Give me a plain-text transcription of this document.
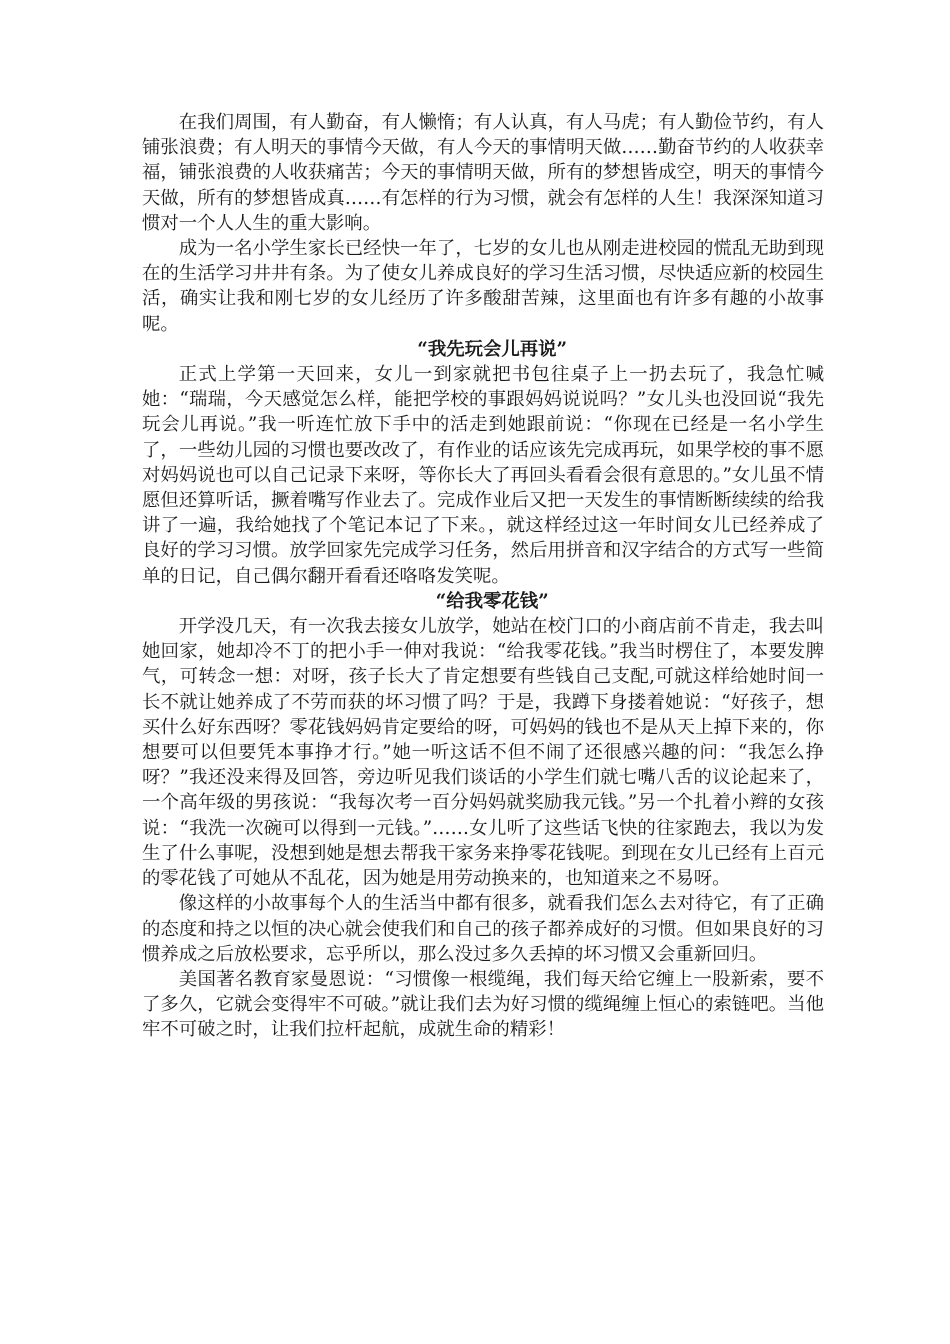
在我们周围，有人勤奋，有人懒惰；有人认真，有人马虎；有人勤俭节约，有人铺张浪费；有人明天的事情今天做，有人今天的事情明天做……勤奋节约的人收获幸福，铺张浪费的人收获痛苦；今天的事情明天做，所有的梦想皆成空，明天的事情今天做，所有的梦想皆成真……有怎样的行为习惯，就会有怎样的人生！我深深知道习惯对一个人人生的重大影响。

成为一名小学生家长已经快一年了，七岁的女儿也从刚走进校园的慌乱无助到现在的生活学习井井有条。为了使女儿养成良好的学习生活习惯，尽快适应新的校园生活，确实让我和刚七岁的女儿经历了许多酸甜苦辣，这里面也有许多有趣的小故事呢。

“我先玩会儿再说”

正式上学第一天回来，女儿一到家就把书包往桌子上一扔去玩了，我急忙喊她：“瑞瑞，今天感觉怎么样，能把学校的事跟妈妈说说吗？”女儿头也没回说“我先玩会儿再说。”我一听连忙放下手中的活走到她跟前说：“你现在已经是一名小学生了，一些幼儿园的习惯也要改改了，有作业的话应该先完成再玩，如果学校的事不愿对妈妈说也可以自己记录下来呀，等你长大了再回头看看会很有意思的。”女儿虽不情愿但还算听话，撅着嘴写作业去了。完成作业后又把一天发生的事情断断续续的给我讲了一遍，我给她找了个笔记本记了下来。，就这样经过这一年时间女儿已经养成了良好的学习习惯。放学回家先完成学习任务，然后用拼音和汉字结合的方式写一些简单的日记，自己偶尔翻开看看还咯咯发笑呢。

“给我零花钱”

开学没几天，有一次我去接女儿放学，她站在校门口的小商店前不肯走，我去叫她回家，她却冷不丁的把小手一伸对我说：“给我零花钱。”我当时楞住了，本要发脾气，可转念一想：对呀，孩子长大了肯定想要有些钱自己支配,可就这样给她时间一长不就让她养成了不劳而获的坏习惯了吗？于是，我蹲下身搂着她说：“好孩子，想买什么好东西呀？零花钱妈妈肯定要给的呀，可妈妈的钱也不是从天上掉下来的，你想要可以但要凭本事挣才行。”她一听这话不但不闹了还很感兴趣的问：“我怎么挣呀？”我还没来得及回答，旁边听见我们谈话的小学生们就七嘴八舌的议论起来了，一个高年级的男孩说：“我每次考一百分妈妈就奖励我元钱。”另一个扎着小辫的女孩说：“我洗一次碗可以得到一元钱。”……女儿听了这些话飞快的往家跑去，我以为发生了什么事呢，没想到她是想去帮我干家务来挣零花钱呢。到现在女儿已经有上百元的零花钱了可她从不乱花，因为她是用劳动换来的，也知道来之不易呀。

像这样的小故事每个人的生活当中都有很多，就看我们怎么去对待它，有了正确的态度和持之以恒的决心就会使我们和自己的孩子都养成好的习惯。但如果良好的习惯养成之后放松要求，忘乎所以，那么没过多久丢掉的坏习惯又会重新回归。

美国著名教育家曼恩说：“习惯像一根缆绳，我们每天给它缠上一股新索，要不了多久，它就会变得牢不可破。”就让我们去为好习惯的缆绳缠上恒心的索链吧。当他牢不可破之时，让我们拉杆起航，成就生命的精彩！
